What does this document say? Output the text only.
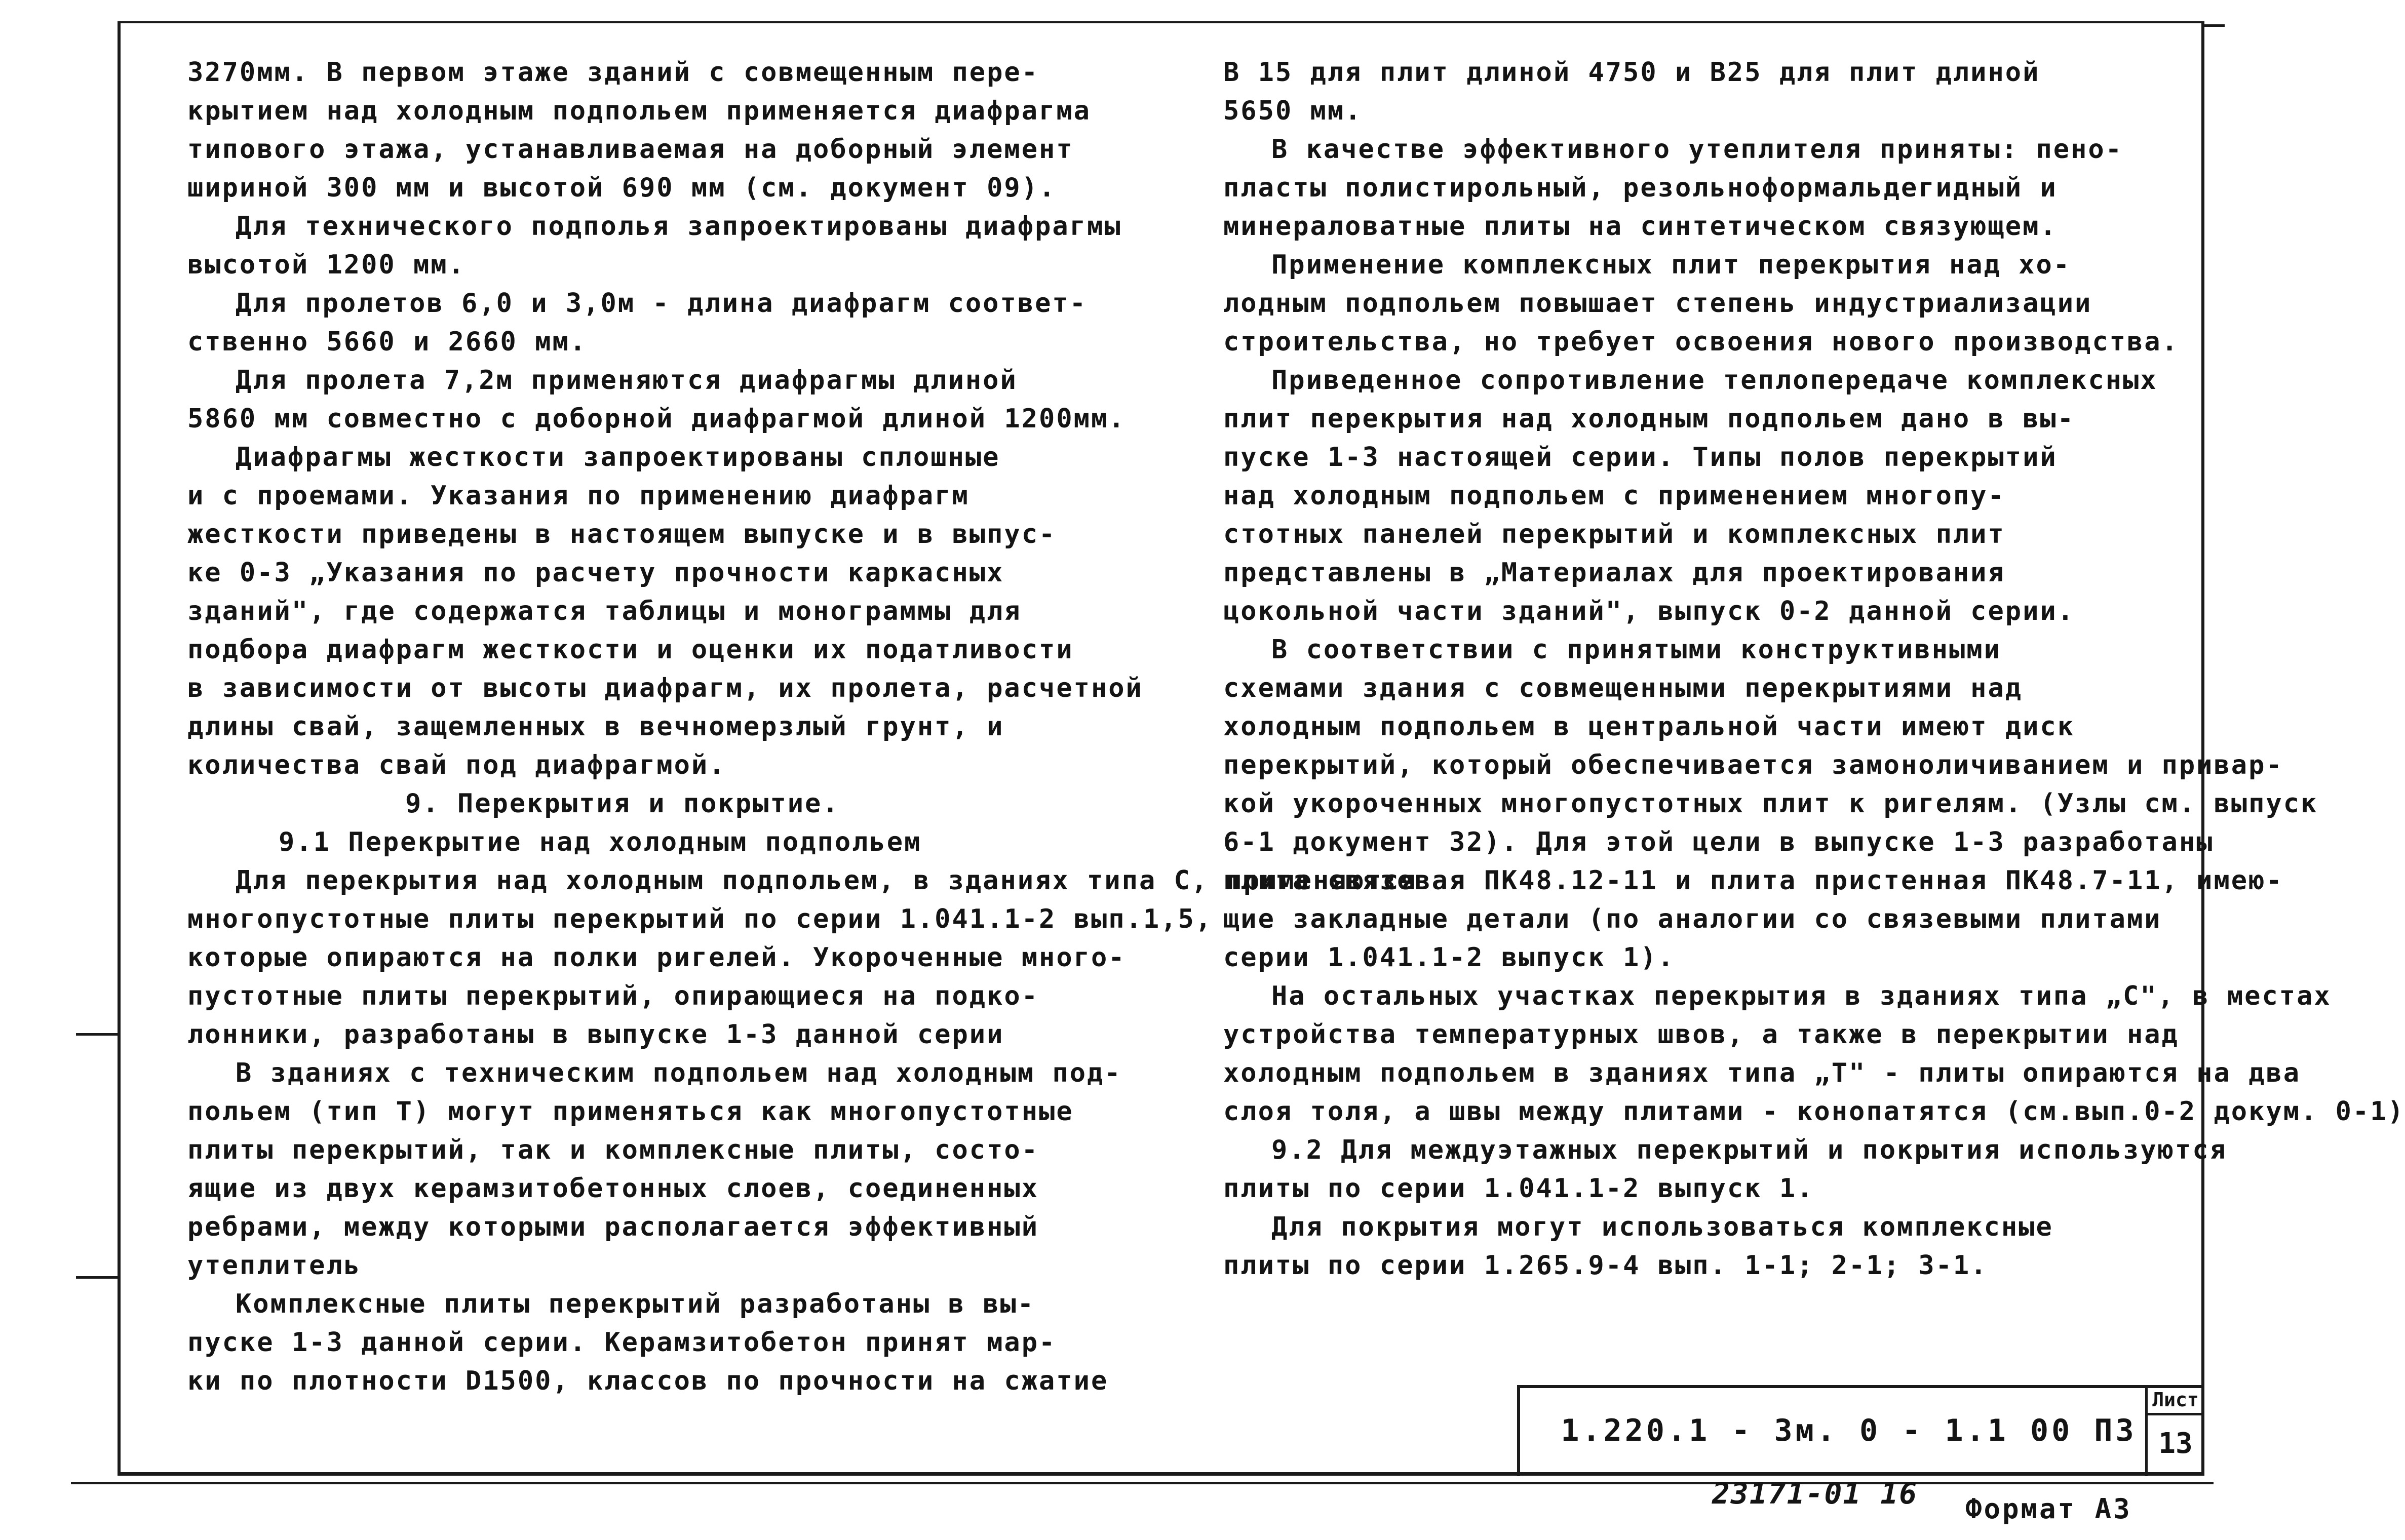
3270мм. В первом этаже зданий с совмещенным пере-
крытием над холодным подпольем применяется диафрагма
типового этажа, устанавливаемая на доборный элемент
шириной 300 мм и высотой 690 мм (см. документ 09).
Для технического подполья запроектированы диафрагмы
высотой 1200 мм.
Для пролетов 6,0 и 3,0м - длина диафрагм соответ-
ственно 5660 и 2660 мм.
Для пролета 7,2м применяются диафрагмы длиной
5860 мм совместно с доборной диафрагмой длиной 1200мм.
Диафрагмы жесткости запроектированы сплошные
и с проемами. Указания по применению диафрагм
жесткости приведены в настоящем выпуске и в выпус-
ке 0-3 „Указания по расчету прочности каркасных
зданий", где содержатся таблицы и монограммы для
подбора диафрагм жесткости и оценки их податливости
в зависимости от высоты диафрагм, их пролета, расчетной
длины свай, защемленных в вечномерзлый грунт, и
количества свай под диафрагмой.
9. Перекрытия и покрытие.
9.1 Перекрытие над холодным подпольем
Для перекрытия над холодным подпольем, в зданиях типа С, применяются
многопустотные плиты перекрытий по серии 1.041.1-2 вып.1,5,
которые опираются на полки ригелей. Укороченные много-
пустотные плиты перекрытий, опирающиеся на подко-
лонники, разработаны в выпуске 1-3 данной серии
В зданиях с техническим подпольем над холодным под-
польем (тип Т) могут применяться как многопустотные
плиты перекрытий, так и комплексные плиты, состо-
ящие из двух керамзитобетонных слоев, соединенных
ребрами, между которыми располагается эффективный
утеплитель
Комплексные плиты перекрытий разработаны в вы-
пуске 1-3 данной серии. Керамзитобетон принят мар-
ки по плотности D1500, классов по прочности на сжатие
В 15 для плит длиной 4750 и В25 для плит длиной
5650 мм.
В качестве эффективного утеплителя приняты: пено-
пласты полистирольный, резольноформальдегидный и
минераловатные плиты на синтетическом связующем.
Применение комплексных плит перекрытия над хо-
лодным подпольем повышает степень индустриализации
строительства, но требует освоения нового производства.
Приведенное сопротивление теплопередаче комплексных
плит перекрытия над холодным подпольем дано в вы-
пуске 1-3 настоящей серии. Типы полов перекрытий
над холодным подпольем с применением многопу-
стотных панелей перекрытий и комплексных плит
представлены в „Материалах для проектирования
цокольной части зданий", выпуск 0-2 данной серии.
В соответствии с принятыми конструктивными
схемами здания с совмещенными перекрытиями над
холодным подпольем в центральной части имеют диск
перекрытий, который обеспечивается замоноличиванием и привар-
кой укороченных многопустотных плит к ригелям. (Узлы см. выпуск
6-1 документ 32). Для этой цели в выпуске 1-3 разработаны
плита связевая ПК48.12-11 и плита пристенная ПК48.7-11, имею-
щие закладные детали (по аналогии со связевыми плитами
серии 1.041.1-2 выпуск 1).
На остальных участках перекрытия в зданиях типа „С", в местах
устройства температурных швов, а также в перекрытии над
холодным подпольем в зданиях типа „Т" - плиты опираются на два
слоя толя, а швы между плитами - конопатятся (см.вып.0-2 докум. 0-1)
9.2 Для междуэтажных перекрытий и покрытия используются
плиты по серии 1.041.1-2 выпуск 1.
Для покрытия могут использоваться комплексные
плиты по серии 1.265.9-4 вып. 1-1; 2-1; 3-1.
1.220.1 - 3м. 0 - 1.1 00 ПЗ
Лист
13
23171-01 16 Формат А3
